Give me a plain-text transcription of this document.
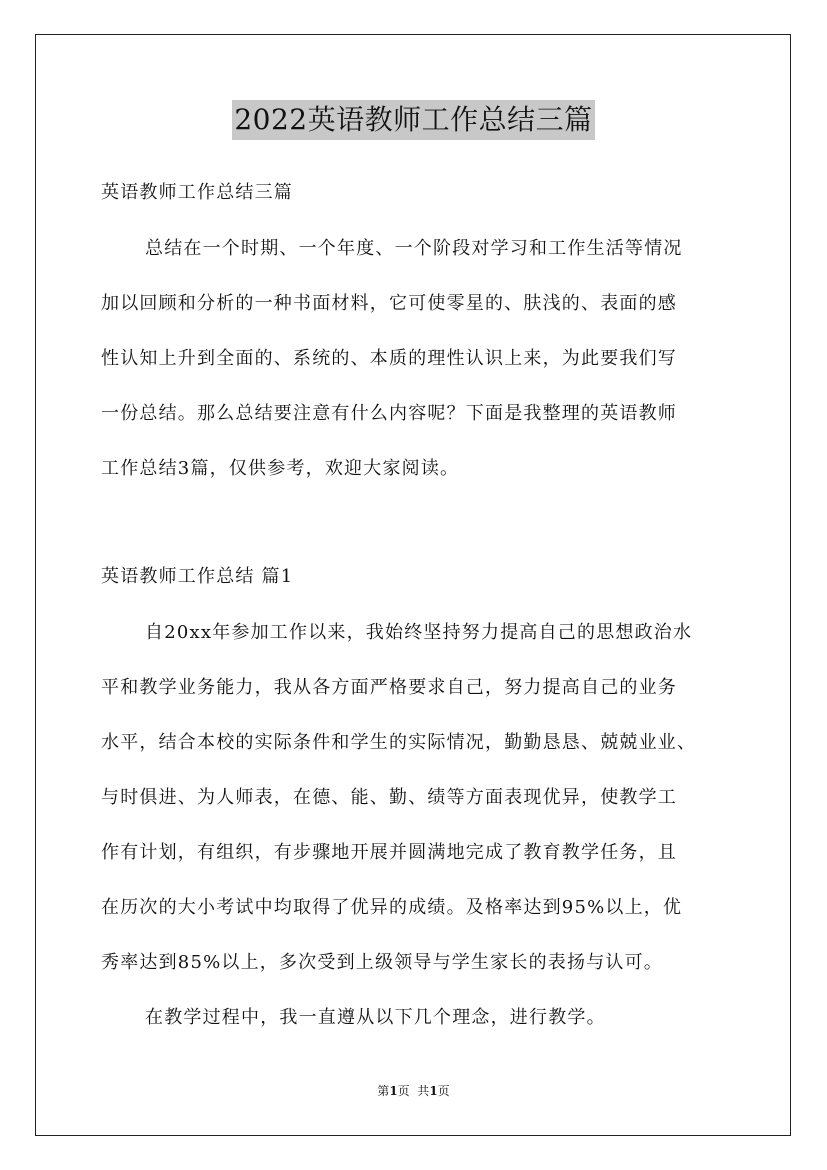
2022英语教师工作总结三篇
英语教师工作总结三篇
总结在一个时期、一个年度、一个阶段对学习和工作生活等情况
加以回顾和分析的一种书面材料，它可使零星的、肤浅的、表面的感
性认知上升到全面的、系统的、本质的理性认识上来，为此要我们写
一份总结。那么总结要注意有什么内容呢？下面是我整理的英语教师
工作总结3篇，仅供参考，欢迎大家阅读。
英语教师工作总结 篇1
自20xx年参加工作以来，我始终坚持努力提高自己的思想政治水
平和教学业务能力，我从各方面严格要求自己，努力提高自己的业务
水平，结合本校的实际条件和学生的实际情况，勤勤恳恳、兢兢业业、
与时俱进、为人师表，在德、能、勤、绩等方面表现优异，使教学工
作有计划，有组织，有步骤地开展并圆满地完成了教育教学任务，且
在历次的大小考试中均取得了优异的成绩。及格率达到95%以上，优
秀率达到85%以上，多次受到上级领导与学生家长的表扬与认可。
在教学过程中，我一直遵从以下几个理念，进行教学。
第1页  共1页
